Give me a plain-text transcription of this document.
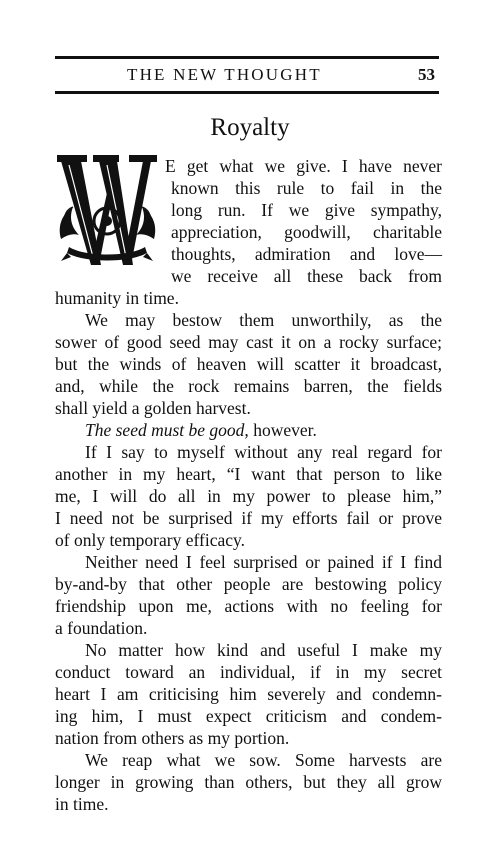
THE NEW THOUGHT	53
Royalty
E get what we give. I have never
known this rule to fail in the
long run. If we give sympathy,
appreciation, goodwill, charitable
thoughts, admiration and love—
we receive all these back from
humanity in time.
We may bestow them unworthily, as the
sower of good seed may cast it on a rocky surface;
but the winds of heaven will scatter it broadcast,
and, while the rock remains barren, the fields
shall yield a golden harvest.
The seed must be good, however.
If I say to myself without any real regard for
another in my heart, “I want that person to like
me, I will do all in my power to please him,”
I need not be surprised if my efforts fail or prove
of only temporary efficacy.
Neither need I feel surprised or pained if I find
by-and-by that other people are bestowing policy
friendship upon me, actions with no feeling for
a foundation.
No matter how kind and useful I make my
conduct toward an individual, if in my secret
heart I am criticising him severely and condemn-
ing him, I must expect criticism and condem-
nation from others as my portion.
We reap what we sow. Some harvests are
longer in growing than others, but they all grow
in time.
